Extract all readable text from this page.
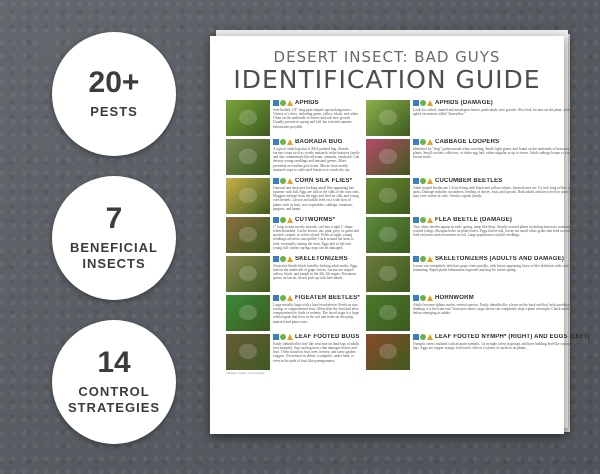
20+
PESTS
7
BENEFICIAL INSECTS
14
CONTROL STRATEGIES
DESERT INSECT: BAD GUYS
IDENTIFICATION GUIDE
APHIDS
Soft-bodied, 1/8" long pear-shaped sap-sucking insect. Variety of colors, including green, yellow, black, and white. Often on the underside of leaves and soft new growth. Usually present in spring and fall, but isolated summer infestations possible.
APHIDS (DAMAGE)
Look for curled, stunted and misshapen leaves, particularly new growth. Also look for ants on the plant, which "farm" aphid excrement called "honeydew."
BAGRADA BUG
A type of stink bug that is AKA painted bug. Attacks various crops such as weedy mustards in the brassica family and also ornamentals like alyssum, almonds, candytuft. Can destroy young seedlings and mustard greens. More prevalent as weather gets hotter. Moves from weedy mustard crops to cultivated brassica as weeds dry out.
CABBAGE LOOPERS
Identified by "loop" pattern made when crawling. Small, light green, and found on the underside of brassicas and other plants. Small cavities, rollovers, or white egg laid, either singular or up to seven. Adult cabbage looper is a mottled grey-brown moth.
CORN SILK FLIES*
Unusual and attractive looking small flies appearing late summer with full. Eggs are laid in the silks of the corn cobs. Maggots emerge from the eggs and feed on silks and young corn kernels. Larvae and adults feed on a wide host of plants such as fruit, root vegetables, cabbage, tomatoes, peppers, and beans.
CUCUMBER BEETLES
Adult striped beetles are 1/4 inch long with black and yellow stripes. Spotted ones are 1/4 inch long yellow with black spots. Damage includes cucumbers, feeding of leaves, fruit, and sprouts. Both adults and larva feed on plant roots. Adults may over-winter in soils. Attacks squash family.
CUTWORMS*
1" long worms mostly smooth, curl into a tight C shape when disturbed. Can be brown, tan, pink, grey, or green and spotted, striped, or solid colored. Feeds at night, young seedlings are most susceptible. Curls around the stem to feed, eventually cutting the stem. Eggs laid in fall and young fall, winter, spring crops can be damaged.
FLEA BEETLE (DAMAGE)
Tiny, shiny beetles appear in early spring, jump like fleas. Attacks several plants including brassicas, nasturtiums, capers, roasted fruitgs, Shotgun holes on plant leaves. Eggs laid in soil, larvae are small white grubs that feed on roots. Adults feed on leaves and overwinter in soil. Large populations can kill seedlings.
SKELETONIZERS
Attractive bluish-black metallic-looking adult moths. Eggs laid on the underside of grape leaves. Larvae are striped yellow, black, and purple in the 4th, 5th stages. Poisonous spines on larvae, do not pick up with bare hands.
SKELETONIZERS (ADULTS AND DAMAGE)
Larvae can completely defoliate grape vines quickly, with leaves appearing lacey or like skeletons with only veins remaining. Repel plants hibernation regrowth and may be in late spring.
FIGEATER BEETLES*
Large metallic bugs with a hard exoskeleton. Feeds on ripe, rotting, or compromised fruit. Often after the fruit had been compromised by birds or rodents. The larval stage is a large whitish grub that lives in the soil and feeds on decaying material and plant roots.
HORNWORM
Adults become sphinx moths, several species. Easily identified by a horn on the back end that looks predatory into thinking it is the front end. Voracious eaters, large larvae can completely strip a plant overnight. Check under the leaf before emerging as adults.
LEAF FOOTED BUGS
Easily identified by leaf-like structure on hind legs of adults (not nymphs). Sap sucking insect that damages leaves and fruit. Often found on fruit trees, berries, and some garden veggies. Overwinter in debris, woodpiles, under bark, or even in the pads of fruit like pomegranates.
LEAF FOOTED NYMPH* (RIGHT) AND EGGS (LEFT)
Nymphs often confused with assassin nymphs. 1st nymphs often in groups and have budding leaf-like structures on hind legs. Eggs are copper orange, laid end to end on a variety of surfaces on plants.
*Image credits on last page
